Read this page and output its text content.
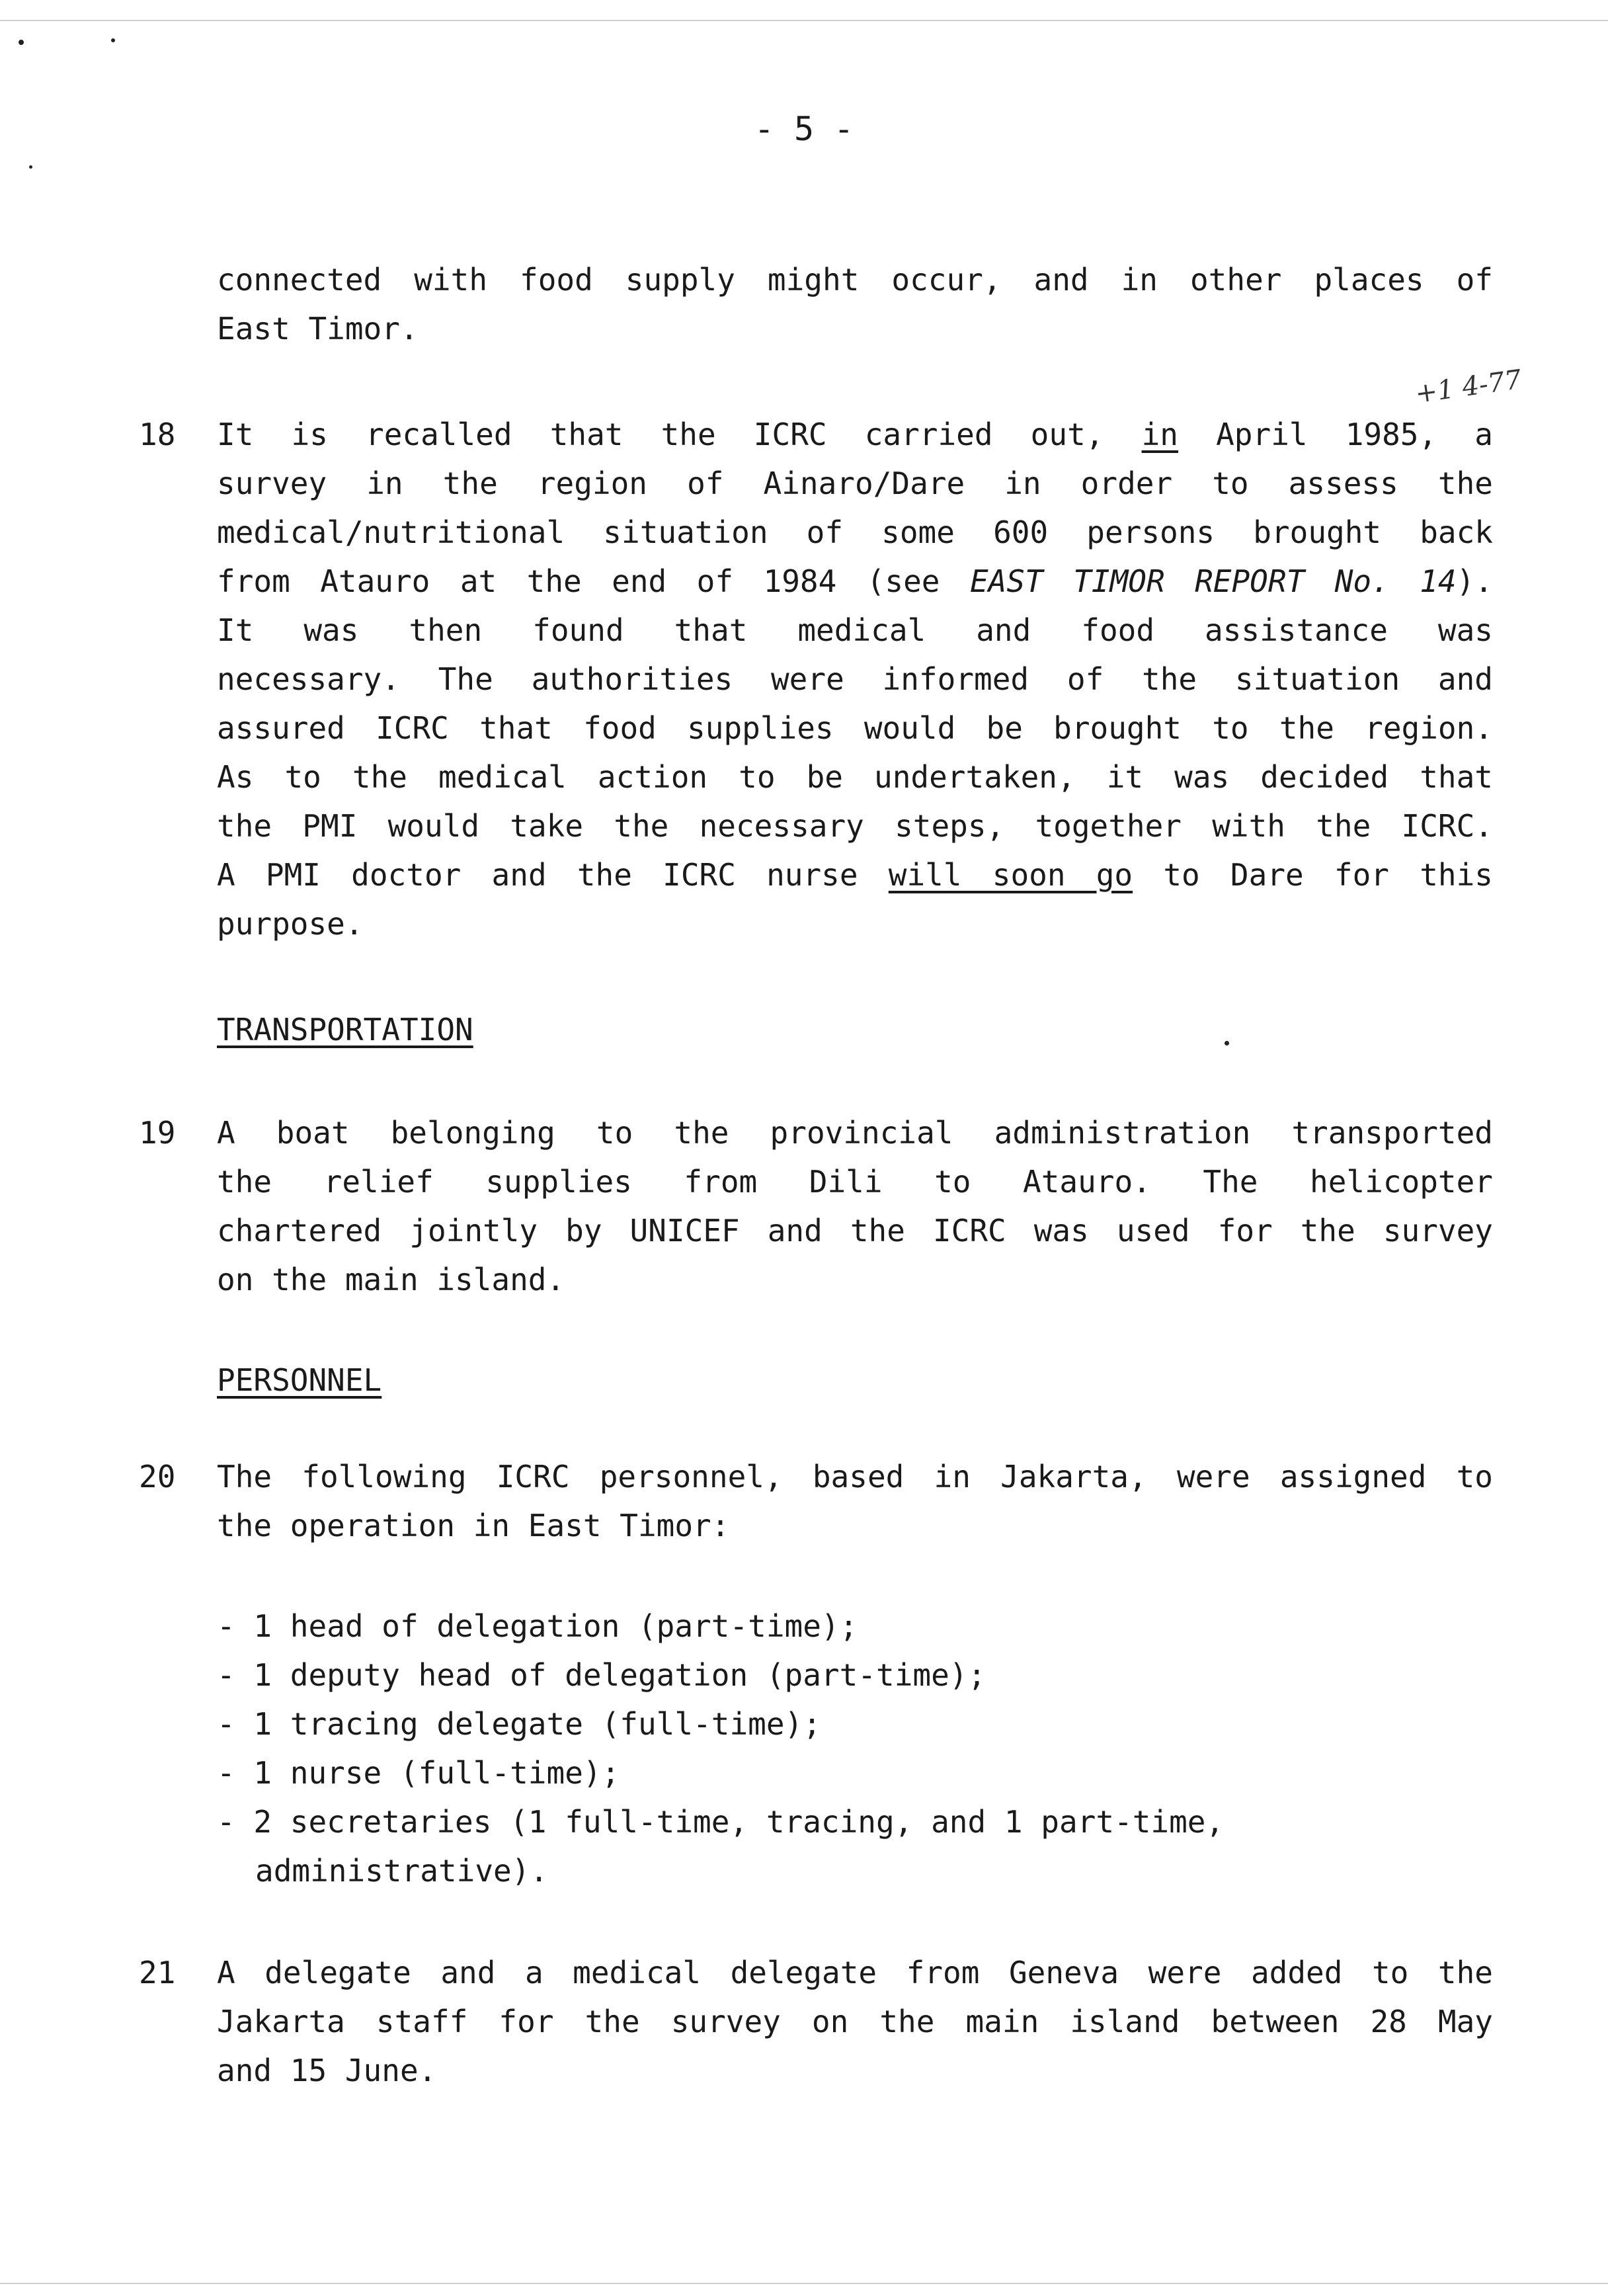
- 5 -
connected with food supply might occur, and in other places of
East Timor.
18	It is recalled that the ICRC carried out, in April 1985, a
survey in the region of Ainaro/Dare in order to assess the
medical/nutritional situation of some 600 persons brought back
from Atauro at the end of 1984 (see EAST TIMOR REPORT No. 14).
It was then found that medical and food assistance was
necessary. The authorities were informed of the situation and
assured ICRC that food supplies would be brought to the region.
As to the medical action to be undertaken, it was decided that
the PMI would take the necessary steps, together with the ICRC.
A PMI doctor and the ICRC nurse will soon go to Dare for this
purpose.
+1 4-77
TRANSPORTATION
19	A boat belonging to the provincial administration transported
the relief supplies from Dili to Atauro. The helicopter
chartered jointly by UNICEF and the ICRC was used for the survey
on the main island.
PERSONNEL
20	The following ICRC personnel, based in Jakarta, were assigned to
the operation in East Timor:
- 1 head of delegation (part-time);
- 1 deputy head of delegation (part-time);
- 1 tracing delegate (full-time);
- 1 nurse (full-time);
- 2 secretaries (1 full-time, tracing, and 1 part-time,
administrative).
21	A delegate and a medical delegate from Geneva were added to the
Jakarta staff for the survey on the main island between 28 May
and 15 June.
